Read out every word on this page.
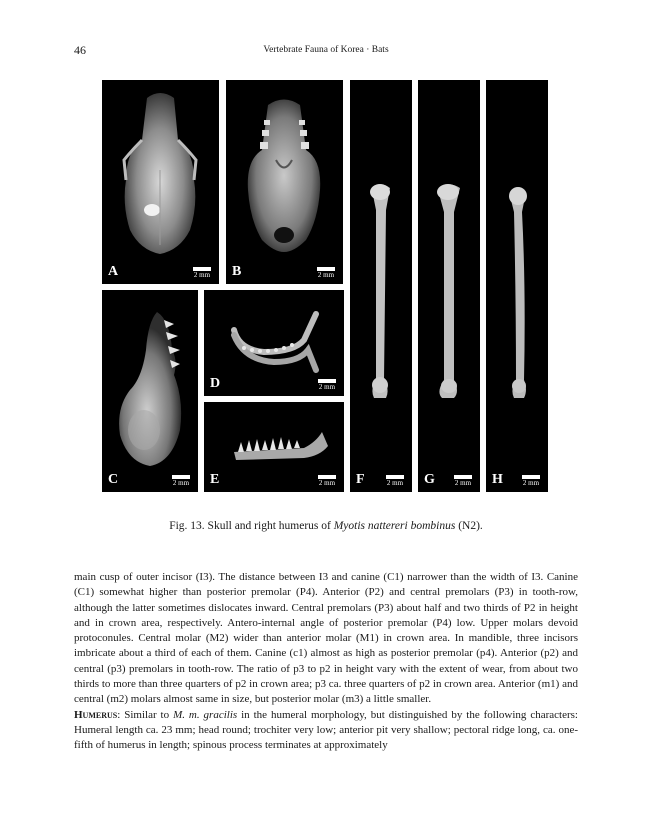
46	Vertebrate Fauna of Korea · Bats
A	2 mm B	2 mm
C	2 mm
D	2 mm
E	2 mm F	2 mm G	2 mm H	2 mm
Fig. 13. Skull and right humerus of Myotis nattereri bombinus (N2).

main cusp of outer incisor (I3). The distance between I3 and canine (C1) narrower than the width of I3. Canine (C1) somewhat higher than posterior premolar (P4). Anterior (P2) and central premolars (P3) in tooth-row, although the latter sometimes dislocates inward. Central premolars (P3) about half and two thirds of P2 in height and in crown area, respectively. Antero-internal angle of posterior premolar (P4) low. Upper molars devoid protoconules. Central molar (M2) wider than anterior molar (M1) in crown area. In mandible, three incisors imbricate about a third of each of them. Canine (c1) almost as high as posterior premolar (p4). Anterior (p2) and central (p3) premolars in tooth-row. The ratio of p3 to p2 in height vary with the extent of wear, from about two thirds to more than three quarters of p2 in crown area; p3 ca. three quarters of p2 in crown area. Anterior (m1) and central (m2) molars almost same in size, but posterior molar (m3) a little smaller.

Humerus: Similar to M. m. gracilis in the humeral morphology, but distinguished by the following characters: Humeral length ca. 23 mm; head round; trochiter very low; anterior pit very shallow; pectoral ridge long, ca. one-fifth of humerus in length; spinous process terminates at approximately
